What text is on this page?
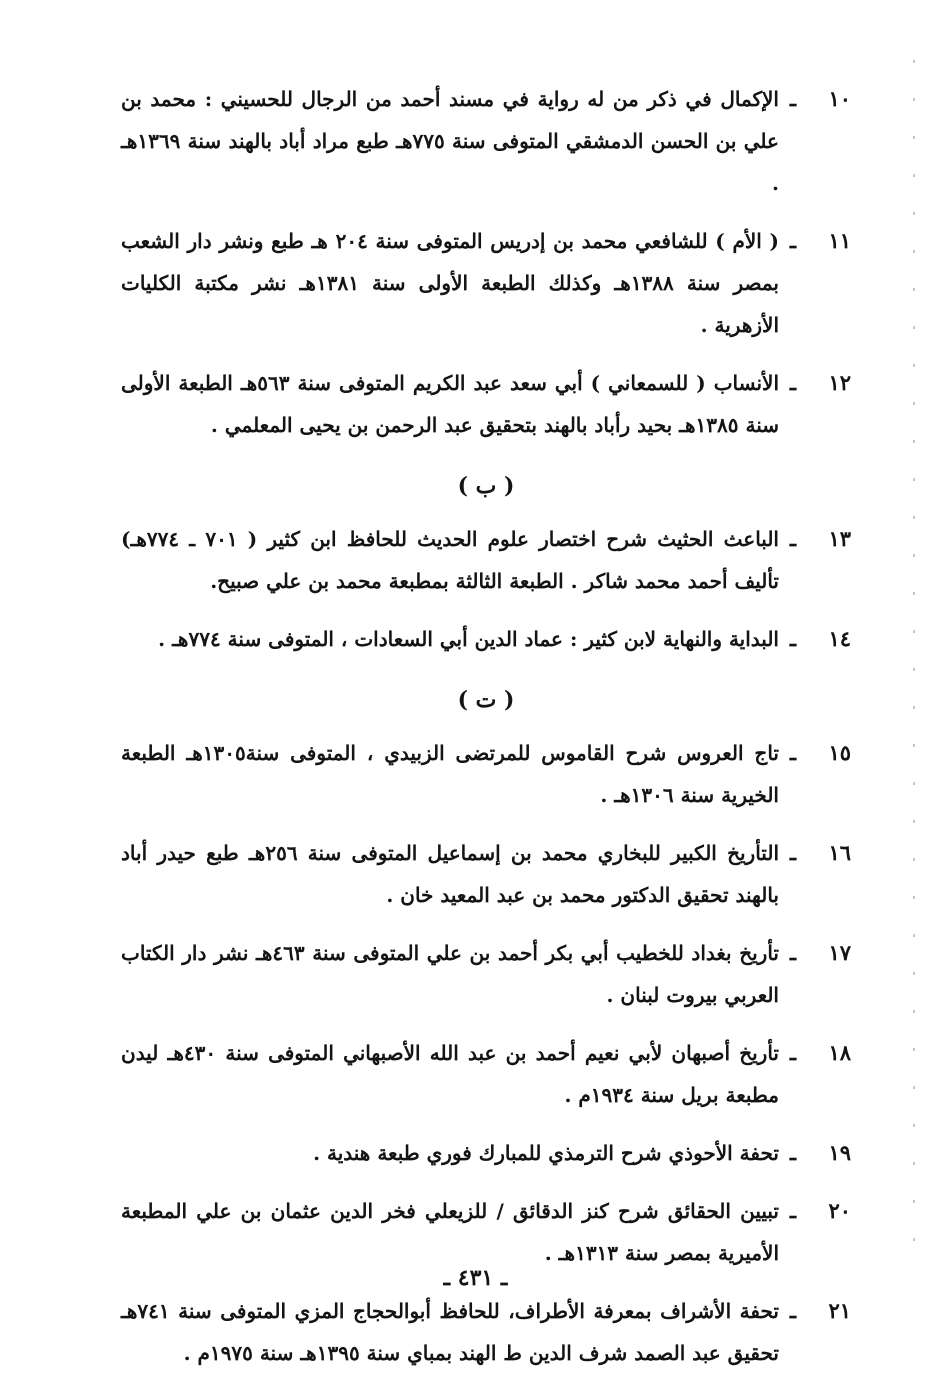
١٠
ـ
الإكمال في ذكر من له رواية في مسند أحمد من الرجال للحسيني : محمد بن علي بن الحسن الدمشقي المتوفى سنة ٧٧٥هـ طبع مراد أباد بالهند سنة ١٣٦٩هـ .
١١
ـ
( الأم ) للشافعي محمد بن إدريس المتوفى سنة ٢٠٤ هـ طبع ونشر دار الشعب بمصر سنة ١٣٨٨هـ وكذلك الطبعة الأولى سنة ١٣٨١هـ نشر مكتبة الكليات الأزهرية .
١٢
ـ
الأنساب ( للسمعاني ) أبي سعد عبد الكريم المتوفى سنة ٥٦٣هـ الطبعة الأولى سنة ١٣٨٥هـ بحيد رأباد بالهند بتحقيق عبد الرحمن بن يحيى المعلمي .
( ب )
١٣
ـ
الباعث الحثيث شرح اختصار علوم الحديث للحافظ ابن كثير ( ٧٠١ ـ ٧٧٤هـ) تأليف أحمد محمد شاكر . الطبعة الثالثة بمطبعة محمد بن علي صبيح.
١٤
ـ
البداية والنهاية لابن كثير : عماد الدين أبي السعادات ، المتوفى سنة ٧٧٤هـ .
( ت )
١٥
ـ
تاج العروس شرح القاموس للمرتضى الزبيدي ، المتوفى سنة١٣٠٥هـ الطبعة الخيرية سنة ١٣٠٦هـ .
١٦
ـ
التأريخ الكبير للبخاري محمد بن إسماعيل المتوفى سنة ٢٥٦هـ طبع حيدر أباد بالهند تحقيق الدكتور محمد بن عبد المعيد خان .
١٧
ـ
تأريخ بغداد للخطيب أبي بكر أحمد بن علي المتوفى سنة ٤٦٣هـ نشر دار الكتاب العربي بيروت لبنان .
١٨
ـ
تأريخ أصبهان لأبي نعيم أحمد بن عبد الله الأصبهاني المتوفى سنة ٤٣٠هـ ليدن مطبعة بريل سنة ١٩٣٤م .
١٩
ـ
تحفة الأحوذي شرح الترمذي للمبارك فوري طبعة هندية .
٢٠
ـ
تبيين الحقائق شرح كنز الدقائق / للزيعلي فخر الدين عثمان بن علي المطبعة الأميرية بمصر سنة ١٣١٣هـ .
٢١
ـ
تحفة الأشراف بمعرفة الأطراف، للحافظ أبوالحجاج المزي المتوفى سنة ٧٤١هـ تحقيق عبد الصمد شرف الدين ط الهند بمباي سنة ١٣٩٥هـ سنة ١٩٧٥م .
ـ ٤٣١ ـ
